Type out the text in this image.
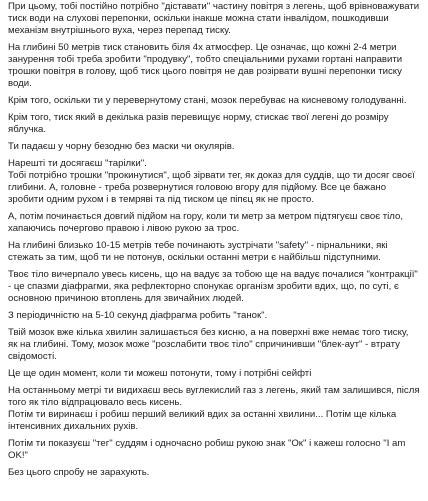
При цьому, тобі постійно потрібно "діставати" частину повітря з легень, щоб врівноважувати тиск води на слухові перепонки, оскільки інакше можна стати інвалідом, пошкодивши механізм внутрішнього вуха, через перепад тиску.

На глибині 50 метрів тиск становить біля 4х атмосфер. Це означає, що кожні 2-4 метри занурення тобі треба зробити "продувку", тобто спеціальними рухами гортані направити трошки повітря в голову, щоб тиск цього повітря не дав розірвати вушні перепонки тиску води.

Крім того, оскільки ти у перевернутому стані, мозок перебуває на кисневому голодуванні.

Крім того, тиск який в декілька разів перевищує норму, стискає твої легені до розміру яблучка.

Ти падаєш у чорну безодню без маски чи окулярів.

Нарешті ти досягаєш "тарілки".
Тобі потрібно трошки "прокинутися", щоб зірвати тег, як доказ для суддів, що ти досяг своєї глибини. А, головне - треба розвернутися головою вгору для підйому. Все це бажано зробити одним рухом і в темряві та під тиском це піпєц як не просто.

А, потім починається довгий підйом на гору, коли ти метр за метром підтягуєш своє тіло, хапаючись почергово правою і лівою рукою за трос.

На глибині близько 10-15 метрів тебе починають зустрічати "safety" - пірнальники, які стежать за тим, щоб ти не потонув, оскільки останні метри є найбільш підступними.

Твоє тіло вичерпало увесь кисень, що на вадує за тобою ще на вадує почалися "контракції" - це спазми діафрагми, яка рефлекторно спонукає організм зробити вдих, що, по суті, є основною причиною втоплень для звичайних людей.

З періодичністю на 5-10 секунд діафрагма робить "танок".

Твій мозок вже кілька хвилин залишається без кисню, а на поверхні вже немає того тиску, як на глибині. Тому, мозок може "розслабити твоє тіло" спричинивши "блек-аут" - втрату свідомості.

Це ще один момент, коли ти можеш потонути, тому і потрібні сейфті

На останньому метрі ти видихаєш весь вуглекислий газ з легень, який там залишився, після того як тіло відпрацювало весь кисень.
Потім ти виринаєш і робиш перший великий вдих за останні хвилини... Потім ще кілька інтенсивних дихальних рухів.

Потім ти показуєш "тег" суддям і одночасно робиш рукою знак "Ок" і кажеш голосно "I am OK!"

Без цього спробу не зарахують.
